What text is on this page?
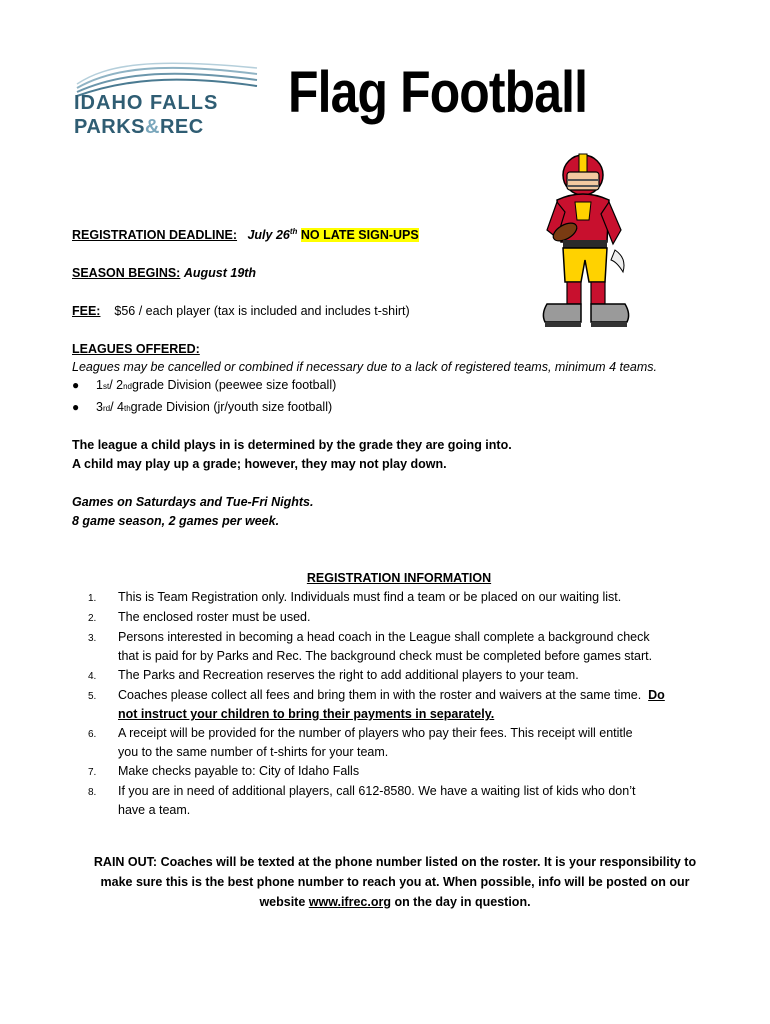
IDAHO FALLS
PARKS&REC
Flag Football
REGISTRATION DEADLINE: July 26th NO LATE SIGN-UPS
SEASON BEGINS: August 19th
FEE: $56 / each player (tax is included and includes t-shirt)
LEAGUES OFFERED:
Leagues may be cancelled or combined if necessary due to a lack of registered teams, minimum 4 teams.
●	1 st / 2 nd grade Division (peewee size football)
●	3 rd / 4 th grade Division (jr/youth size football)
The league a child plays in is determined by the grade they are going into.
A child may play up a grade; however, they may not play down.
Games on Saturdays and Tue-Fri Nights.
8 game season, 2 games per week.
REGISTRATION INFORMATION
1.	This is Team Registration only. Individuals must find a team or be placed on our waiting list.
2.	The enclosed roster must be used.
3.	Persons interested in becoming a head coach in the League shall complete a background check
that is paid for by Parks and Rec. The background check must be completed before games start.
4.	The Parks and Recreation reserves the right to add additional players to your team.
5.	Coaches please collect all fees and bring them in with the roster and waivers at the same time. Do
not instruct your children to bring their payments in separately.
6.	A receipt will be provided for the number of players who pay their fees. This receipt will entitle
you to the same number of t-shirts for your team.
7.	Make checks payable to: City of Idaho Falls
8.	If you are in need of additional players, call 612-8580. We have a waiting list of kids who don’t
have a team.
RAIN OUT: Coaches will be texted at the phone number listed on the roster. It is your responsibility to
make sure this is the best phone number to reach you at. When possible, info will be posted on our
website www.ifrec.org on the day in question.
